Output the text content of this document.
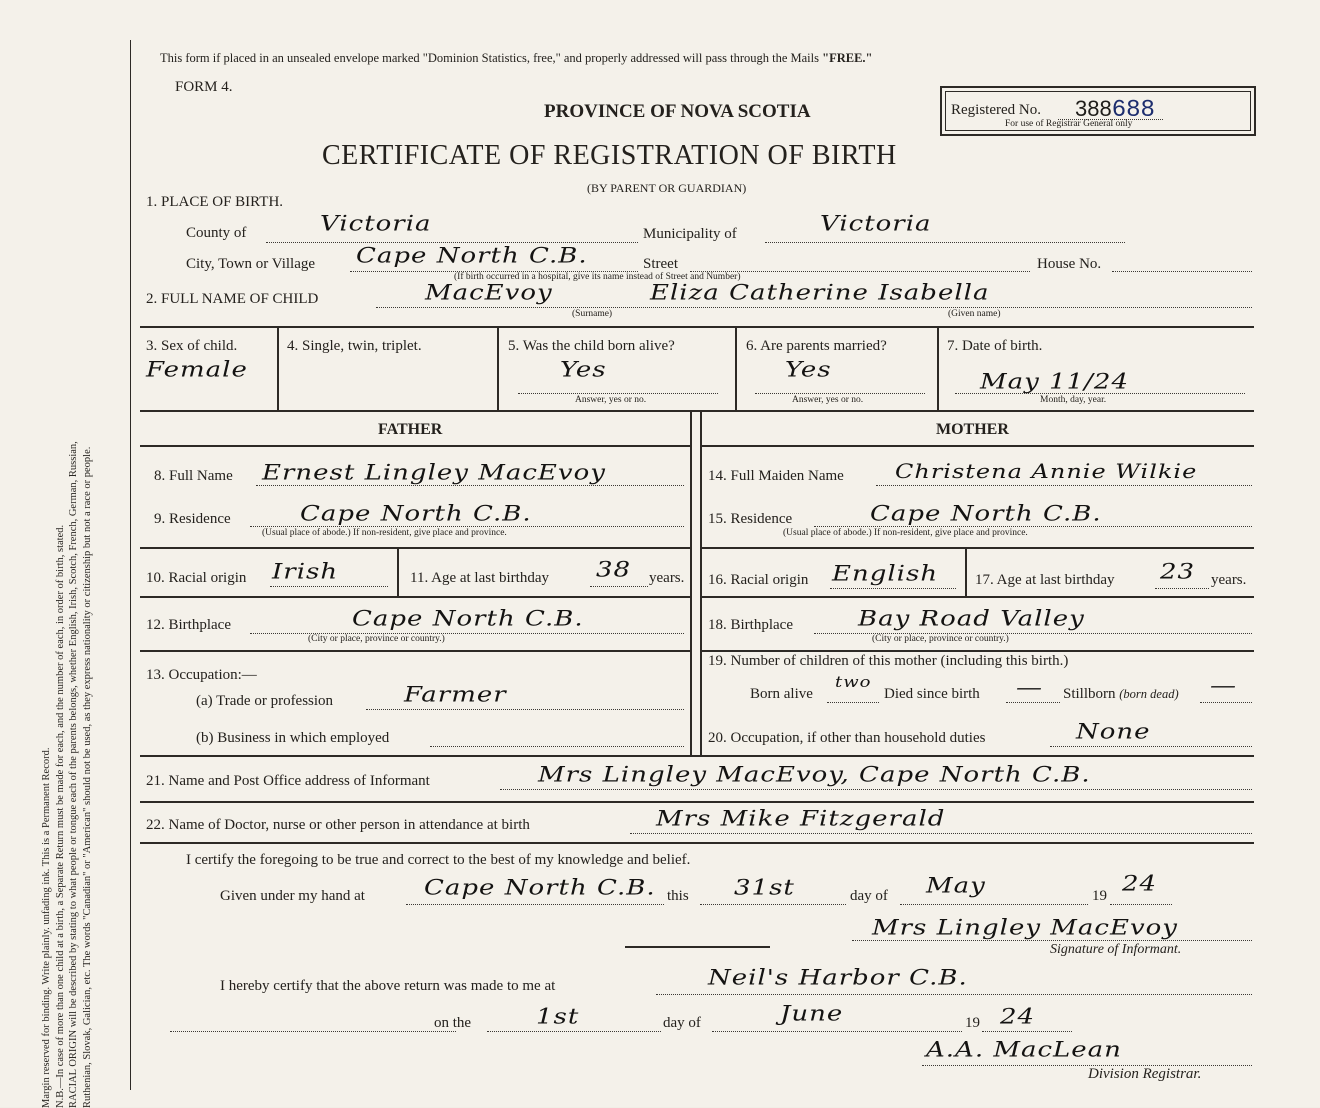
Margin reserved for binding. Write plainly. unfading ink. This is a Permanent Record. N.B.—In case of more than one child at a birth, a Separate Return must be made for each, and the number of each, in order of birth, stated. RACIAL ORIGIN will be described by stating to what people or tongue each of the parents belongs, whether English, Irish, Scotch, French, German, Russian, Ruthenian, Slovak, Galician, etc. The words "Canadian" or "American" should not be used, as they express nationality or citizenship but not a race or people.
This form if placed in an unsealed envelope marked "Dominion Statistics, free," and properly addressed will pass through the Mails "FREE."
FORM 4.
PROVINCE OF NOVA SCOTIA
CERTIFICATE OF REGISTRATION OF BIRTH
(BY PARENT OR GUARDIAN)
Registered No. 388688
For use of Registrar General only
1. PLACE OF BIRTH.
County of	Victoria	Municipality of	Victoria
City, Town or Village Cape North C.B.	Street	House No.
(If birth occurred in a hospital, give its name instead of Street and Number)
2. FULL NAME OF CHILD	MacEvoy	Eliza Catherine Isabella
(Surname)	(Given name)
3. Sex of child.
Female
4. Single, twin, triplet.	5. Was the child born alive?
Yes
Answer, yes or no.
6. Are parents married?
Yes
Answer, yes or no.
7. Date of birth.
May 11/24
Month, day, year.
FATHER	MOTHER
8. Full Name Ernest Lingley MacEvoy
9. Residence	Cape North C.B.
(Usual place of abode.) If non-resident, give place and province.
10. Racial origin Irish	11. Age at last birthday 38 years.
12. Birthplace	Cape North C.B.
(City or place, province or country.)
13. Occupation:—
(a) Trade or profession	Farmer
(b) Business in which employed
14. Full Maiden Name Christena Annie Wilkie
15. Residence	Cape North C.B.
(Usual place of abode.) If non-resident, give place and province.
16. Racial origin English 17. Age at last birthday 23 years.
18. Birthplace	Bay Road Valley
(City or place, province or country.)
19. Number of children of this mother (including this birth.)
Born alive
two
Died since birth — Stillborn (born dead) —
20. Occupation, if other than household duties	None
21. Name and Post Office address of Informant	Mrs Lingley MacEvoy, Cape North C.B.
22. Name of Doctor, nurse or other person in attendance at birth	Mrs Mike Fitzgerald
I certify the foregoing to be true and correct to the best of my knowledge and belief.
Given under my hand at Cape North C.B. this 31st	day of May	19 24
Mrs Lingley MacEvoy
Signature of Informant.
I hereby certify that the above return was made to me at	Neil's Harbor C.B.
on the 1st	day of	June	19 24
A.A. MacLean
Division Registrar.
